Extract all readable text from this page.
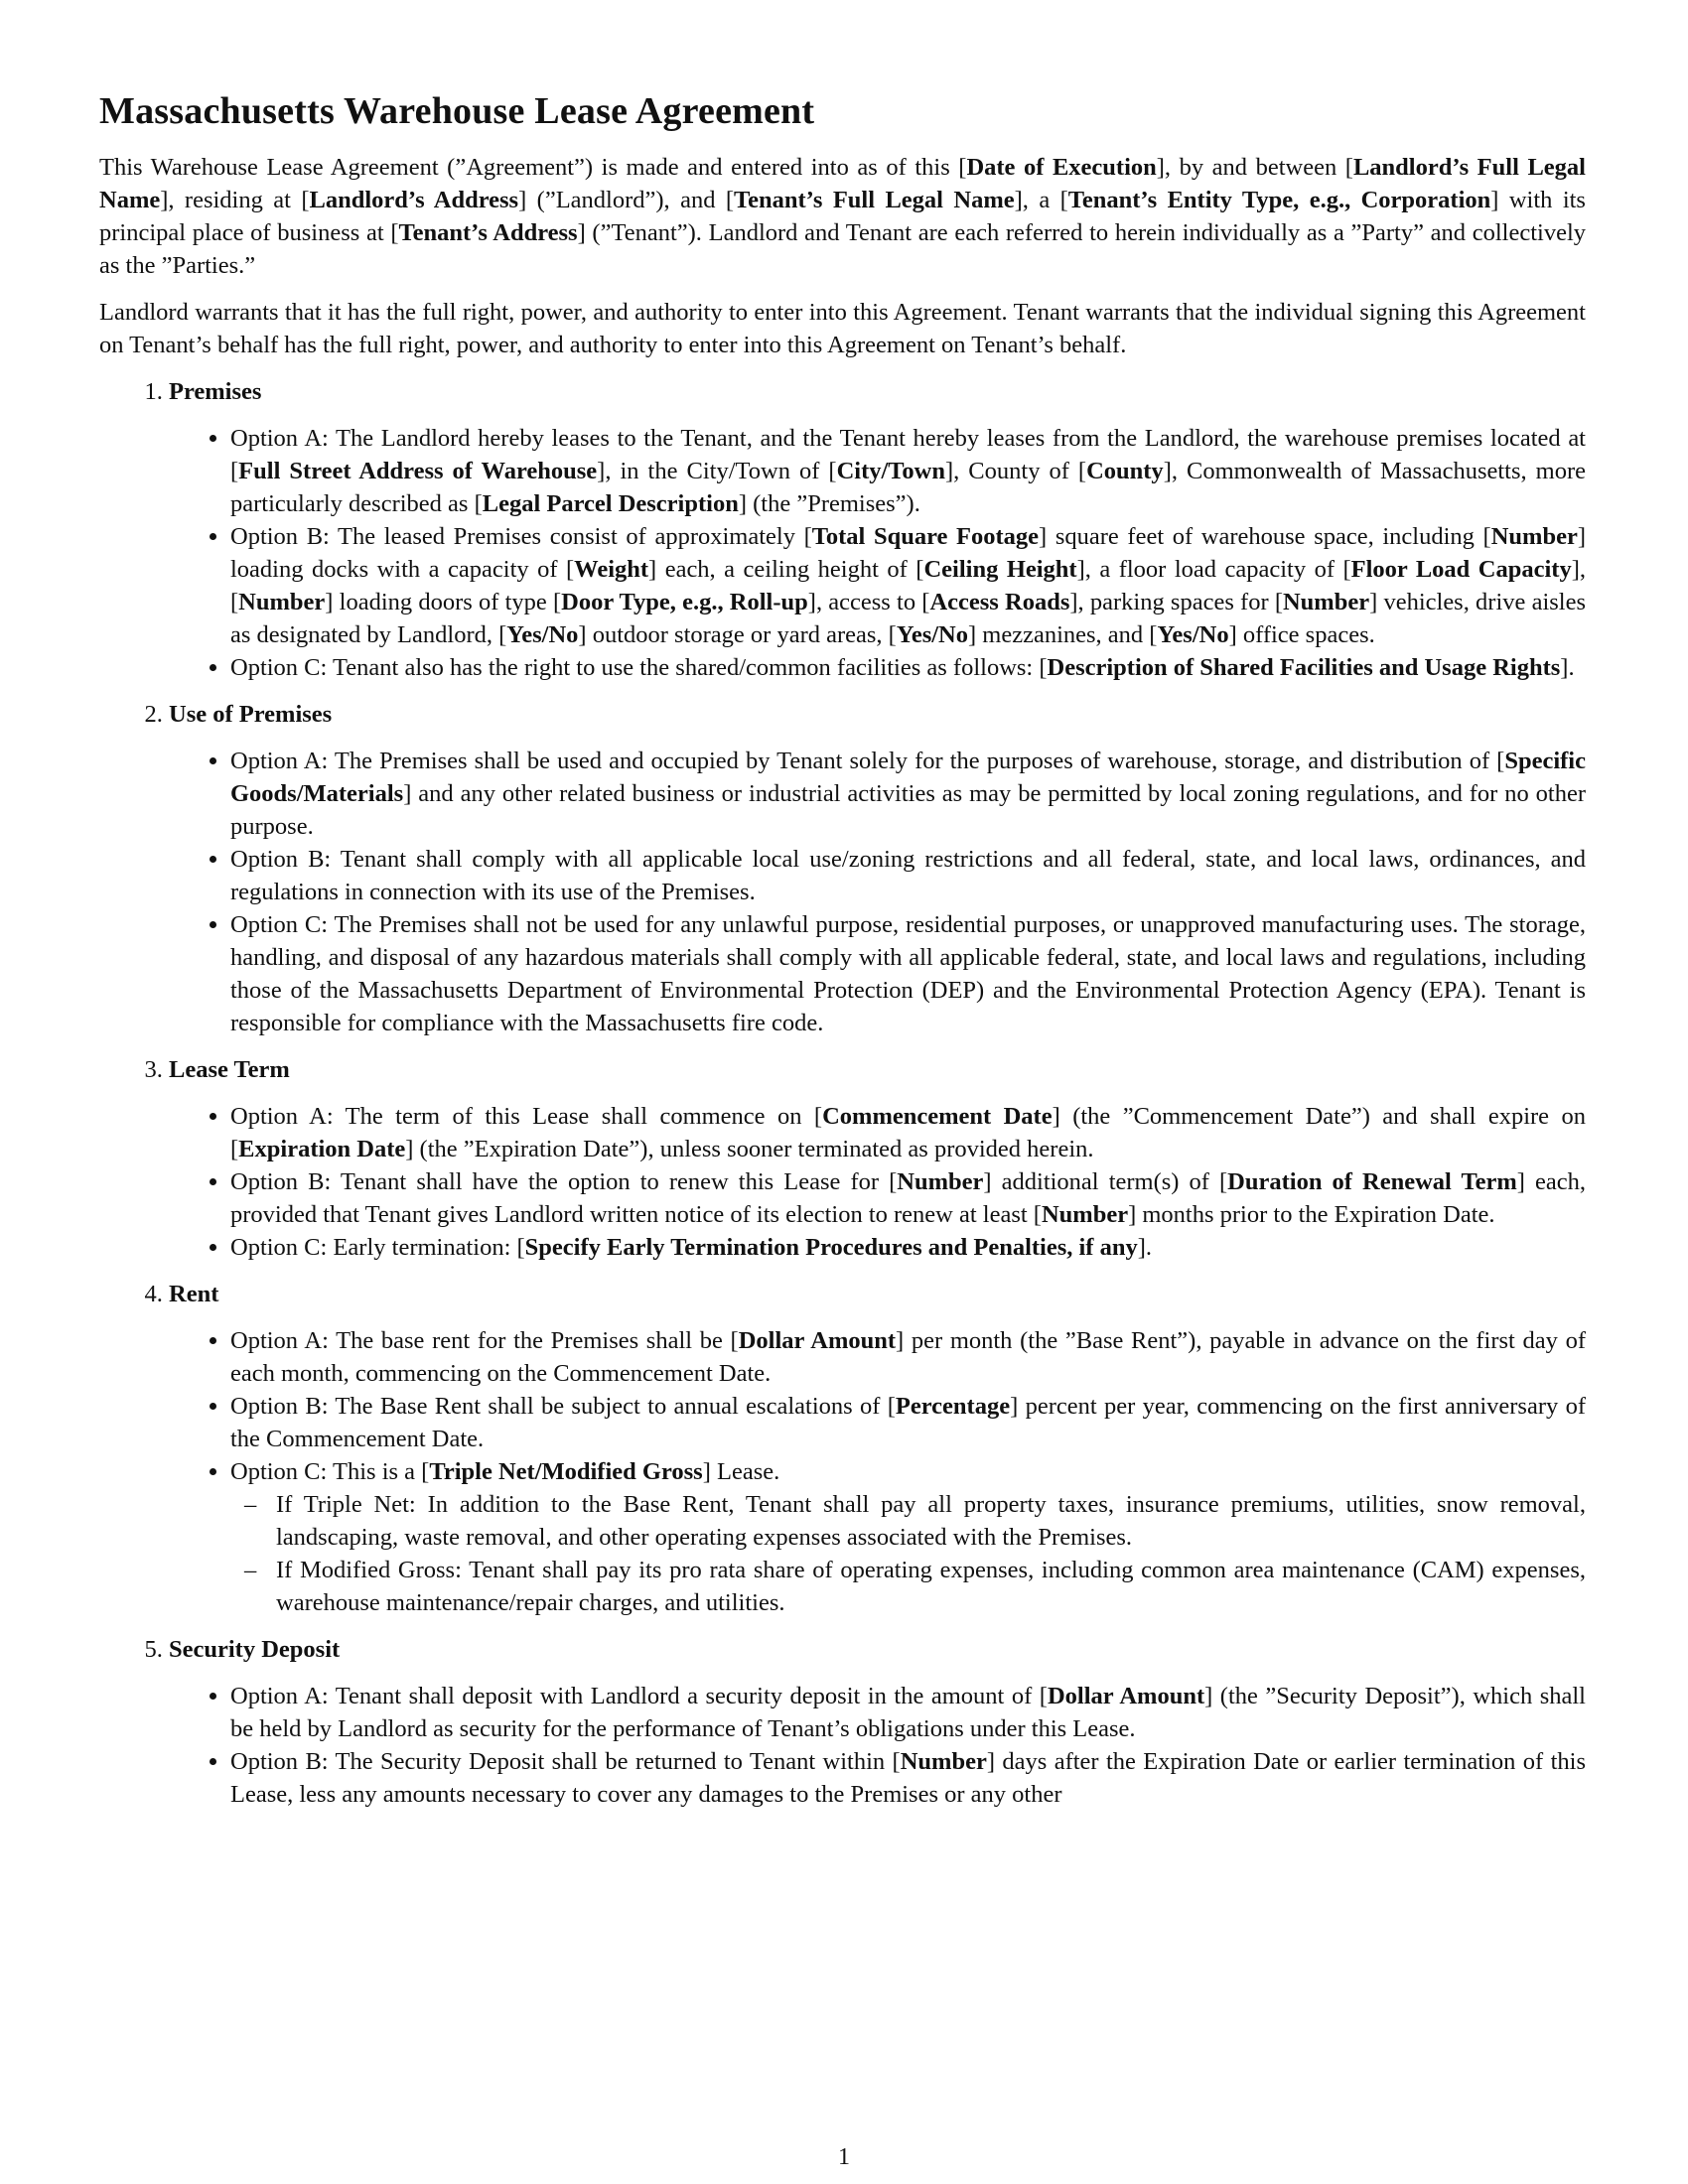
Massachusetts Warehouse Lease Agreement

This Warehouse Lease Agreement (”Agreement”) is made and entered into as of this [Date of Execution], by and between [Landlord’s Full Legal Name], residing at [Landlord’s Address] (”Landlord”), and [Tenant’s Full Legal Name], a [Tenant’s Entity Type, e.g., Corporation] with its principal place of business at [Tenant’s Address] (”Tenant”). Landlord and Tenant are each referred to herein individually as a ”Party” and collectively as the ”Parties.”

Landlord warrants that it has the full right, power, and authority to enter into this Agreement. Tenant warrants that the individual signing this Agreement on Tenant’s behalf has the full right, power, and authority to enter into this Agreement on Tenant’s behalf.

1. Premises
• Option A: The Landlord hereby leases to the Tenant, and the Tenant hereby leases from the Landlord, the warehouse premises located at [Full Street Address of Warehouse], in the City/Town of [City/Town], County of [County], Commonwealth of Massachusetts, more particularly described as [Legal Parcel Description] (the ”Premises”).
• Option B: The leased Premises consist of approximately [Total Square Footage] square feet of warehouse space, including [Number] loading docks with a capacity of [Weight] each, a ceiling height of [Ceiling Height], a floor load capacity of [Floor Load Capacity], [Number] loading doors of type [Door Type, e.g., Roll-up], access to [Access Roads], parking spaces for [Number] vehicles, drive aisles as designated by Landlord, [Yes/No] outdoor storage or yard areas, [Yes/No] mezzanines, and [Yes/No] office spaces.
• Option C: Tenant also has the right to use the shared/common facilities as follows: [Description of Shared Facilities and Usage Rights].
2. Use of Premises
• Option A: The Premises shall be used and occupied by Tenant solely for the purposes of warehouse, storage, and distribution of [Specific Goods/Materials] and any other related business or industrial activities as may be permitted by local zoning regulations, and for no other purpose.
• Option B: Tenant shall comply with all applicable local use/zoning restrictions and all federal, state, and local laws, ordinances, and regulations in connection with its use of the Premises.
• Option C: The Premises shall not be used for any unlawful purpose, residential purposes, or unapproved manufacturing uses. The storage, handling, and disposal of any hazardous materials shall comply with all applicable federal, state, and local laws and regulations, including those of the Massachusetts Department of Environmental Protection (DEP) and the Environmental Protection Agency (EPA). Tenant is responsible for compliance with the Massachusetts fire code.
3. Lease Term
• Option A: The term of this Lease shall commence on [Commencement Date] (the ”Commencement Date”) and shall expire on [Expiration Date] (the ”Expiration Date”), unless sooner terminated as provided herein.
• Option B: Tenant shall have the option to renew this Lease for [Number] additional term(s) of [Duration of Renewal Term] each, provided that Tenant gives Landlord written notice of its election to renew at least [Number] months prior to the Expiration Date.
• Option C: Early termination: [Specify Early Termination Procedures and Penalties, if any].
4. Rent
• Option A: The base rent for the Premises shall be [Dollar Amount] per month (the ”Base Rent”), payable in advance on the first day of each month, commencing on the Commencement Date.
• Option B: The Base Rent shall be subject to annual escalations of [Percentage] percent per year, commencing on the first anniversary of the Commencement Date.
• Option C: This is a [Triple Net/Modified Gross] Lease.
– If Triple Net: In addition to the Base Rent, Tenant shall pay all property taxes, insurance premiums, utilities, snow removal, landscaping, waste removal, and other operating expenses associated with the Premises.
– If Modified Gross: Tenant shall pay its pro rata share of operating expenses, including common area maintenance (CAM) expenses, warehouse maintenance/repair charges, and utilities.
5. Security Deposit
• Option A: Tenant shall deposit with Landlord a security deposit in the amount of [Dollar Amount] (the ”Security Deposit”), which shall be held by Landlord as security for the performance of Tenant’s obligations under this Lease.
• Option B: The Security Deposit shall be returned to Tenant within [Number] days after the Expiration Date or earlier termination of this Lease, less any amounts necessary to cover any damages to the Premises or any other
1
